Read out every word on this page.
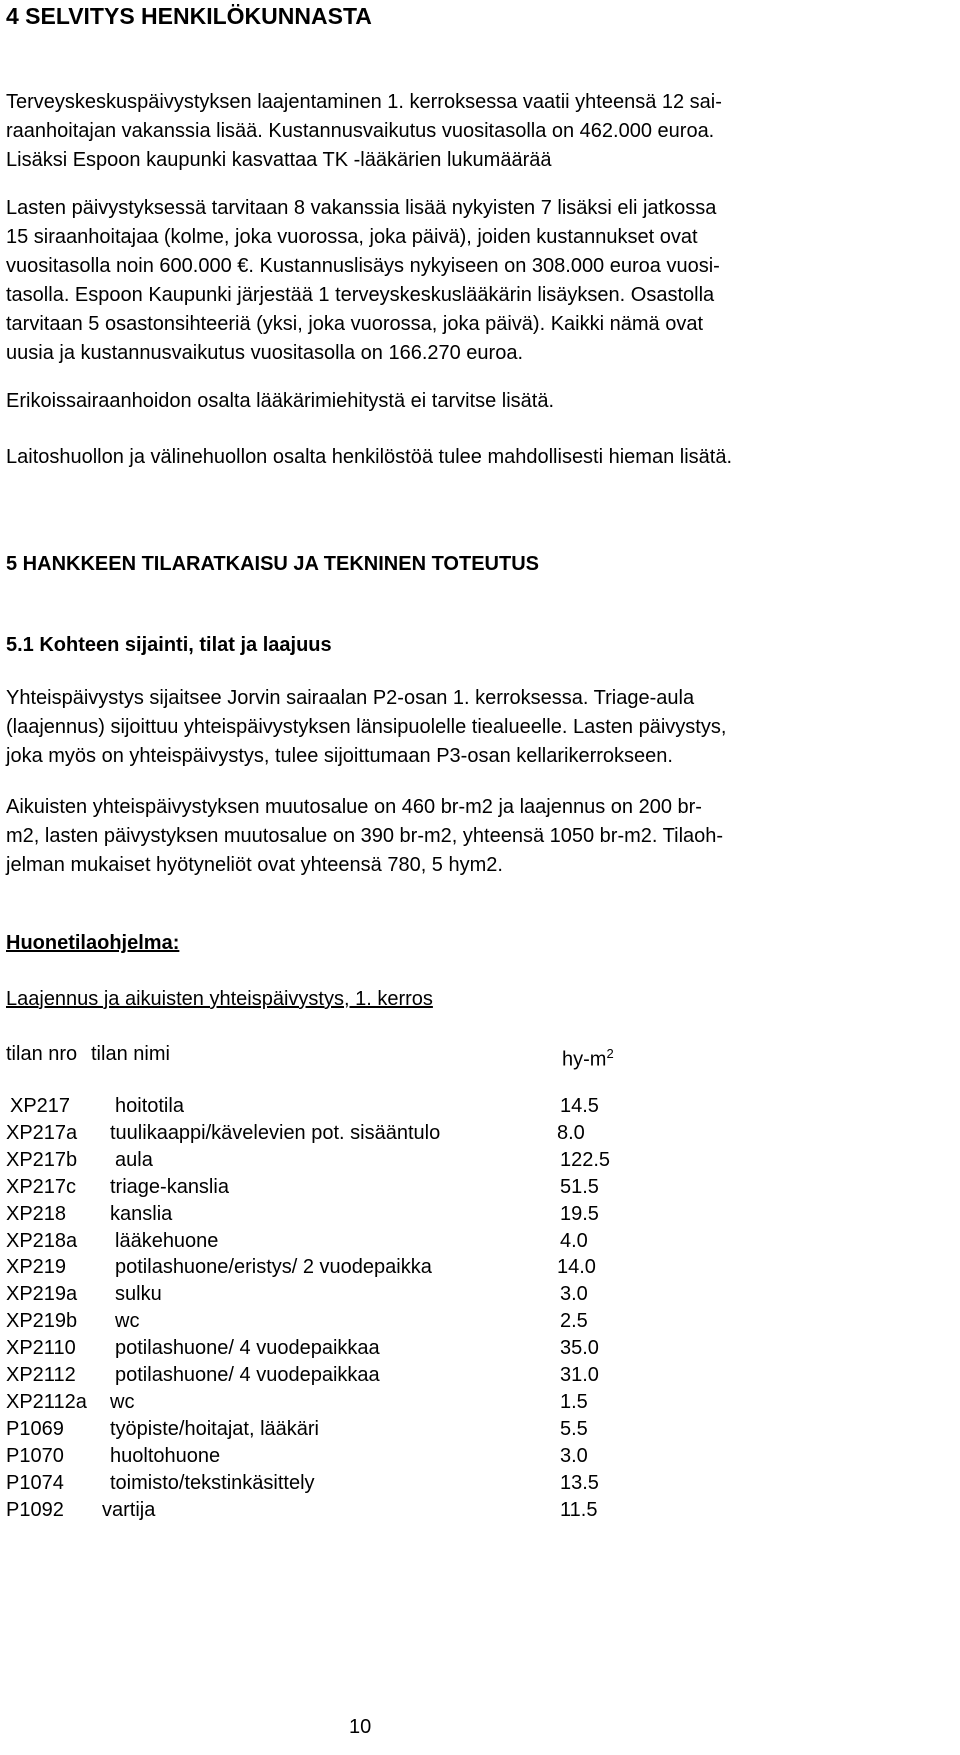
4 SELVITYS HENKILÖKUNNASTA
Terveyskeskuspäivystyksen laajentaminen 1. kerroksessa vaatii yhteensä 12 sai-
raanhoitajan vakanssia lisää. Kustannusvaikutus vuositasolla on 462.000 euroa.
Lisäksi Espoon kaupunki kasvattaa TK -lääkärien lukumäärää
Lasten päivystyksessä tarvitaan 8 vakanssia lisää nykyisten 7 lisäksi eli jatkossa
15 siraanhoitajaa (kolme, joka vuorossa, joka päivä), joiden kustannukset ovat
vuositasolla noin 600.000 €. Kustannuslisäys nykyiseen on 308.000 euroa vuosi-
tasolla. Espoon Kaupunki järjestää 1 terveyskeskuslääkärin lisäyksen. Osastolla
tarvitaan 5 osastonsihteeriä (yksi, joka vuorossa, joka päivä). Kaikki nämä ovat
uusia ja kustannusvaikutus vuositasolla on 166.270 euroa.
Erikoissairaanhoidon osalta lääkärimiehitystä ei tarvitse lisätä.
Laitoshuollon ja välinehuollon osalta henkilöstöä tulee mahdollisesti hieman lisätä.
5 HANKKEEN TILARATKAISU JA TEKNINEN TOTEUTUS
5.1 Kohteen sijainti, tilat ja laajuus
Yhteispäivystys sijaitsee Jorvin sairaalan P2-osan 1. kerroksessa. Triage-aula
(laajennus) sijoittuu yhteispäivystyksen länsipuolelle tiealueelle. Lasten päivystys,
joka myös on yhteispäivystys, tulee sijoittumaan P3-osan kellarikerrokseen.
Aikuisten yhteispäivystyksen muutosalue on 460 br-m2 ja laajennus on 200 br-
m2, lasten päivystyksen muutosalue on 390 br-m2, yhteensä 1050 br-m2. Tilaoh-
jelman mukaiset hyötyneliöt ovat yhteensä 780, 5 hym2.
Huonetilaohjelma:
Laajennus ja aikuisten yhteispäivystys, 1. kerros
tilan nro tilan nimi	$hy-m^2$
XP217 hoitotila	14.5
XP217a tuulikaappi/kävelevien pot. sisääntulo	8.0
XP217b aula	122.5
XP217c triage-kanslia	51.5
XP218 kanslia	19.5
XP218a lääkehuone	4.0
XP219 potilashuone/eristys/ 2 vuodepaikka	14.0
XP219a sulku	3.0
XP219b wc	2.5
XP2110 potilashuone/ 4 vuodepaikkaa	35.0
XP2112 potilashuone/ 4 vuodepaikkaa	31.0
XP2112a wc	1.5
P1069 työpiste/hoitajat, lääkäri	5.5
P1070 huoltohuone	3.0
P1074 toimisto/tekstinkäsittely	13.5
P1092 vartija	11.5
10
